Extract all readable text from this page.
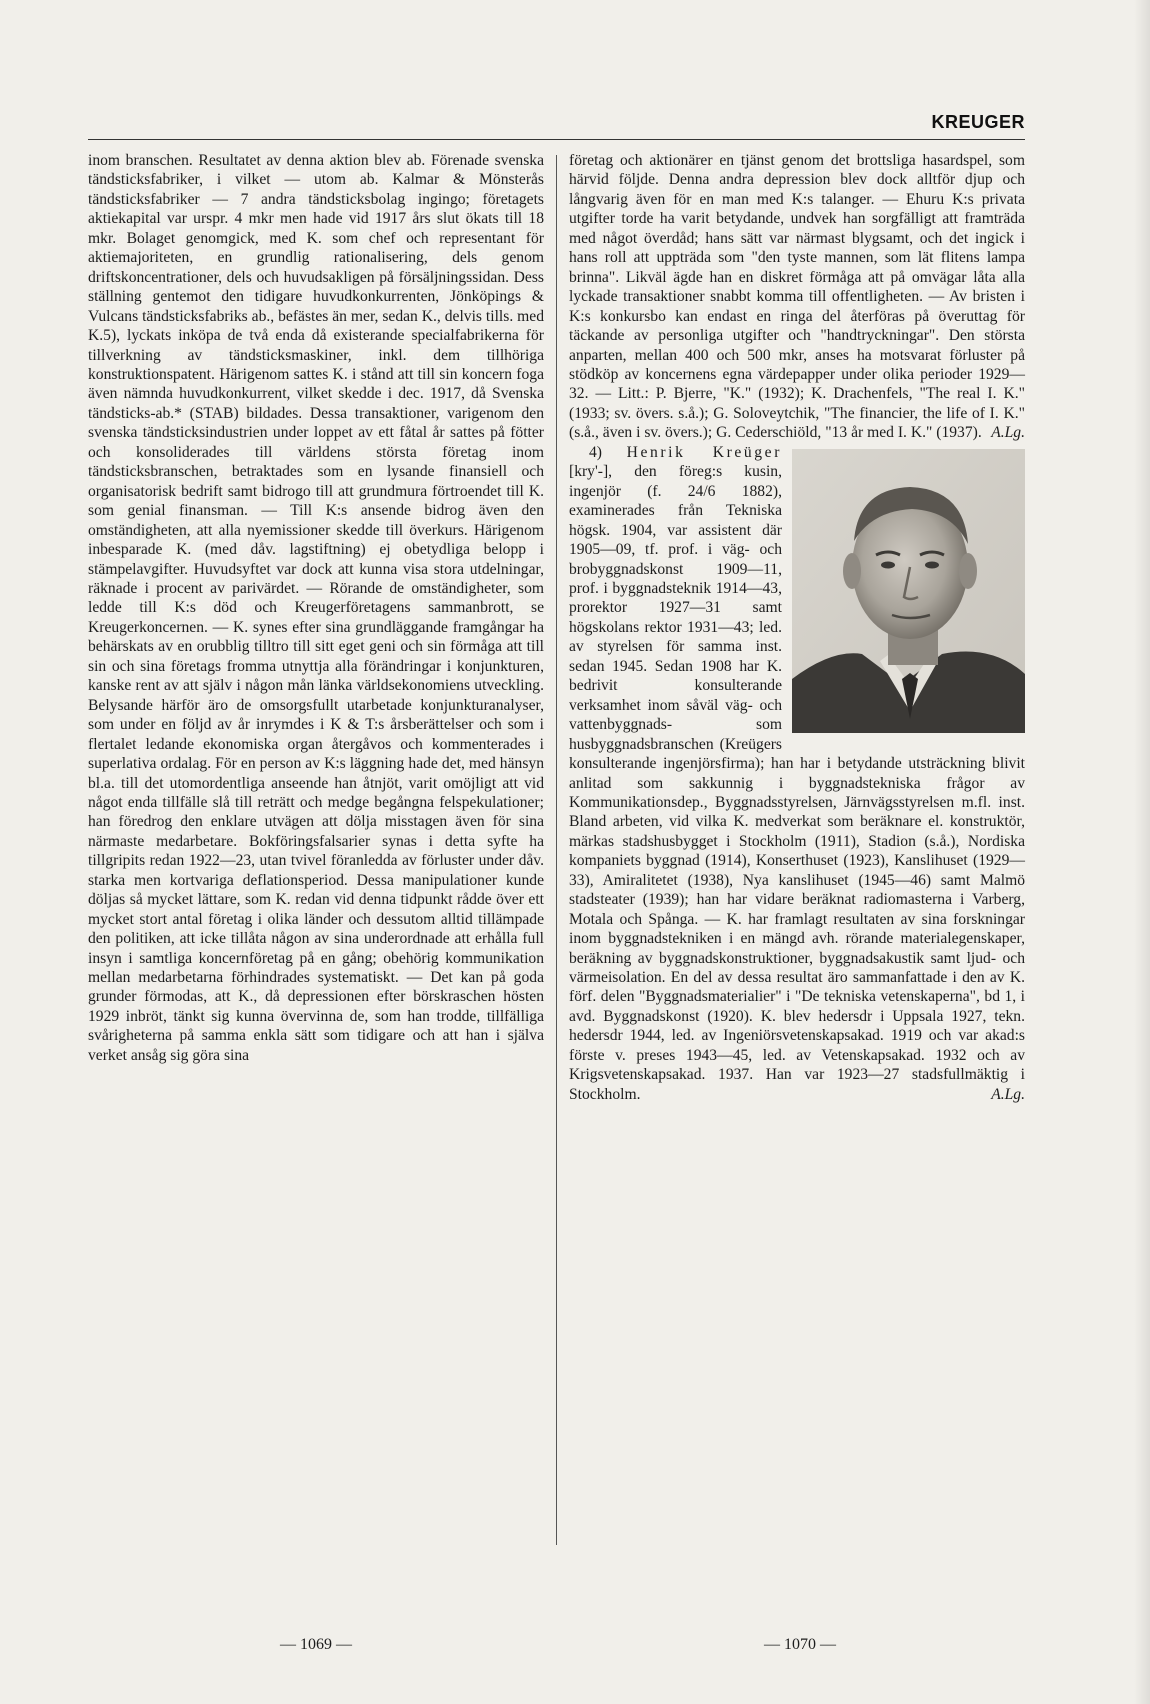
KREUGER

inom branschen. Resultatet av denna aktion blev ab. Förenade svenska tändsticksfabriker, i vilket — utom ab. Kalmar & Mönsterås tändsticksfabriker — 7 andra tändsticksbolag ingingo; företagets aktiekapital var urspr. 4 mkr men hade vid 1917 års slut ökats till 18 mkr. Bolaget genomgick, med K. som chef och representant för aktiemajoriteten, en grundlig rationalisering, dels genom driftskoncentrationer, dels och huvudsakligen på försäljningssidan. Dess ställning gentemot den tidigare huvudkonkurrenten, Jönköpings & Vulcans tändsticksfabriks ab., befästes än mer, sedan K., delvis tills. med K.5), lyckats inköpa de två enda då existerande specialfabrikerna för tillverkning av tändsticksmaskiner, inkl. dem tillhöriga konstruktionspatent. Härigenom sattes K. i stånd att till sin koncern foga även nämnda huvudkonkurrent, vilket skedde i dec. 1917, då Svenska tändsticks-ab.* (STAB) bildades. Dessa transaktioner, varigenom den svenska tändsticksindustrien under loppet av ett fåtal år sattes på fötter och konsoliderades till världens största företag inom tändsticksbranschen, betraktades som en lysande finansiell och organisatorisk bedrift samt bidrogo till att grundmura förtroendet till K. som genial finansman. — Till K:s ansende bidrog även den omständigheten, att alla nyemissioner skedde till överkurs. Härigenom inbesparade K. (med dåv. lagstiftning) ej obetydliga belopp i stämpelavgifter. Huvudsyftet var dock att kunna visa stora utdelningar, räknade i procent av parivärdet. — Rörande de omständigheter, som ledde till K:s död och Kreugerföretagens sammanbrott, se Kreugerkoncernen. — K. synes efter sina grundläggande framgångar ha behärskats av en orubblig tilltro till sitt eget geni och sin förmåga att till sin och sina företags fromma utnyttja alla förändringar i konjunkturen, kanske rent av att själv i någon mån länka världsekonomiens utveckling. Belysande härför äro de omsorgsfullt utarbetade konjunkturanalyser, som under en följd av år inrymdes i K & T:s årsberättelser och som i flertalet ledande ekonomiska organ återgåvos och kommenterades i superlativa ordalag. För en person av K:s läggning hade det, med hänsyn bl.a. till det utomordentliga anseende han åtnjöt, varit omöjligt att vid något enda tillfälle slå till reträtt och medge begångna felspekulationer; han föredrog den enklare utvägen att dölja misstagen även för sina närmaste medarbetare. Bokföringsfalsarier synas i detta syfte ha tillgripits redan 1922—23, utan tvivel föranledda av förluster under dåv. starka men kortvariga deflationsperiod. Dessa manipulationer kunde döljas så mycket lättare, som K. redan vid denna tidpunkt rådde över ett mycket stort antal företag i olika länder och dessutom alltid tillämpade den politiken, att icke tillåta någon av sina underordnade att erhålla full insyn i samtliga koncernföretag på en gång; obehörig kommunikation mellan medarbetarna förhindrades systematiskt. — Det kan på goda grunder förmodas, att K., då depressionen efter börskraschen hösten 1929 inbröt, tänkt sig kunna övervinna de, som han trodde, tillfälliga svårigheterna på samma enkla sätt som tidigare och att han i själva verket ansåg sig göra sina

företag och aktionärer en tjänst genom det brottsliga hasardspel, som härvid följde. Denna andra depression blev dock alltför djup och långvarig även för en man med K:s talanger. — Ehuru K:s privata utgifter torde ha varit betydande, undvek han sorgfälligt att framträda med något överdåd; hans sätt var närmast blygsamt, och det ingick i hans roll att uppträda som "den tyste mannen, som lät flitens lampa brinna". Likväl ägde han en diskret förmåga att på omvägar låta alla lyckade transaktioner snabbt komma till offentligheten. — Av bristen i K:s konkursbo kan endast en ringa del återföras på överuttag för täckande av personliga utgifter och "handtryckningar". Den största anparten, mellan 400 och 500 mkr, anses ha motsvarat förluster på stödköp av koncernens egna värdepapper under olika perioder 1929—32. — Litt.: P. Bjerre, "K." (1932); K. Drachenfels, "The real I. K." (1933; sv. övers. s.å.); G. Soloveytchik, "The financier, the life of I. K." (s.å., även i sv. övers.); G. Cederschiöld, "13 år med I. K." (1937). A.Lg.

4) Henrik Kreüger
[kry'-], den föreg:s kusin, ingenjör (f. 24/6 1882), examinerades från Tekniska högsk. 1904, var assistent där 1905—09, tf. prof. i väg- och brobyggnadskonst 1909—11, prof. i byggnadsteknik 1914—43, prorektor 1927—31 samt högskolans rektor 1931—43; led. av styrelsen för samma inst. sedan 1945. Sedan 1908 har K. bedrivit konsulterande verksamhet inom såväl väg- och vattenbyggnads- som husbyggnadsbranschen (Kreügers konsulterande ingenjörsfirma); han har i betydande utsträckning blivit anlitad som sakkunnig i byggnadstekniska frågor av Kommunikationsdep., Byggnadsstyrelsen, Järnvägsstyrelsen m.fl. inst. Bland arbeten, vid vilka K. medverkat som beräknare el. konstruktör, märkas stadshusbygget i Stockholm (1911), Stadion (s.å.), Nordiska kompaniets byggnad (1914), Konserthuset (1923), Kanslihuset (1929—33), Amiralitetet (1938), Nya kanslihuset (1945—46) samt Malmö stadsteater (1939); han har vidare beräknat radiomasterna i Varberg, Motala och Spånga. — K. har framlagt resultaten av sina forskningar inom byggnadstekniken i en mängd avh. rörande materialegenskaper, beräkning av byggnadskonstruktioner, byggnadsakustik samt ljud- och värmeisolation. En del av dessa resultat äro sammanfattade i den av K. förf. delen "Byggnadsmaterialier" i "De tekniska vetenskaperna", bd 1, i avd. Byggnadskonst (1920). K. blev hedersdr i Uppsala 1927, tekn. hedersdr 1944, led. av Ingeniörsvetenskapsakad. 1919 och var akad:s förste v. preses 1943—45, led. av Vetenskapsakad. 1932 och av Krigsvetenskapsakad. 1937. Han var 1923—27 stadsfullmäktig i Stockholm.	A.Lg.

— 1069 —	— 1070 —
